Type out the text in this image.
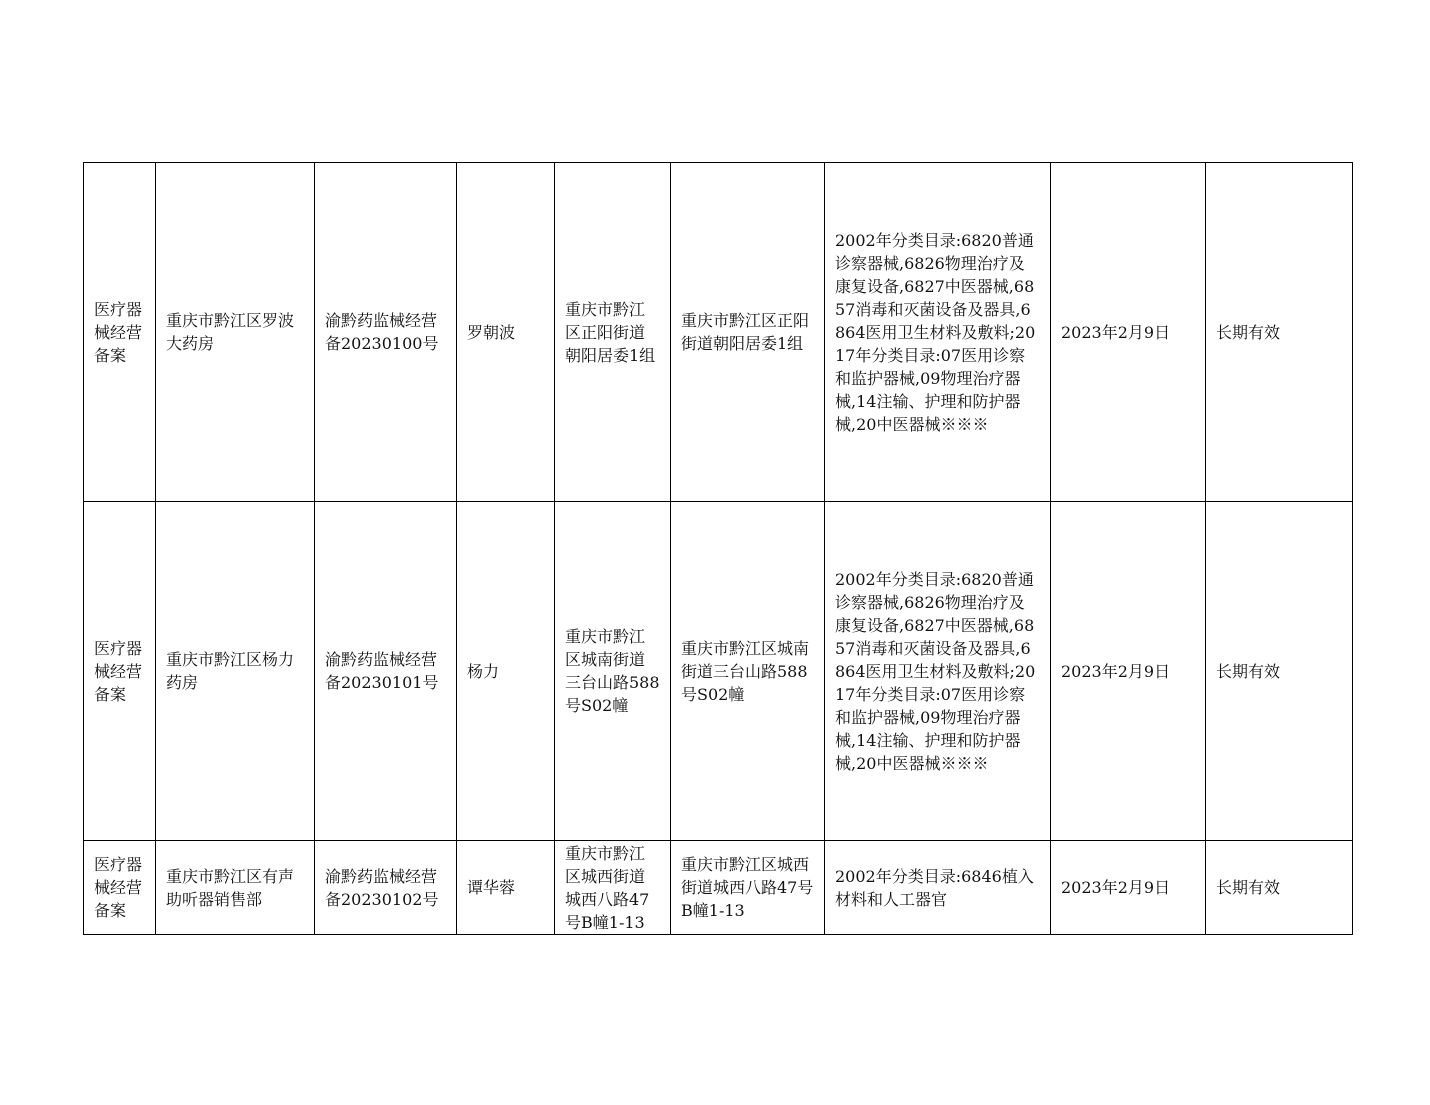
医疗器械经营备案	重庆市黔江区罗波大药房	渝黔药监械经营备20230100号	罗朝波	重庆市黔江区正阳街道朝阳居委1组	重庆市黔江区正阳街道朝阳居委1组	2002年分类目录:6820普通诊察器械,6826物理治疗及康复设备,6827中医器械,6857消毒和灭菌设备及器具,6864医用卫生材料及敷料;2017年分类目录:07医用诊察和监护器械,09物理治疗器械,14注输、护理和防护器械,20中医器械※※※	2023年2月9日	长期有效
医疗器械经营备案	重庆市黔江区杨力药房	渝黔药监械经营备20230101号	杨力	重庆市黔江区城南街道三台山路588号S02幢	重庆市黔江区城南街道三台山路588号S02幢	2002年分类目录:6820普通诊察器械,6826物理治疗及康复设备,6827中医器械,6857消毒和灭菌设备及器具,6864医用卫生材料及敷料;2017年分类目录:07医用诊察和监护器械,09物理治疗器械,14注输、护理和防护器械,20中医器械※※※	2023年2月9日	长期有效
医疗器械经营备案	重庆市黔江区有声助听器销售部	渝黔药监械经营备20230102号	谭华蓉	重庆市黔江区城西街道城西八路47号B幢1-13	重庆市黔江区城西街道城西八路47号B幢1-13	2002年分类目录:6846植入材料和人工器官	2023年2月9日	长期有效
